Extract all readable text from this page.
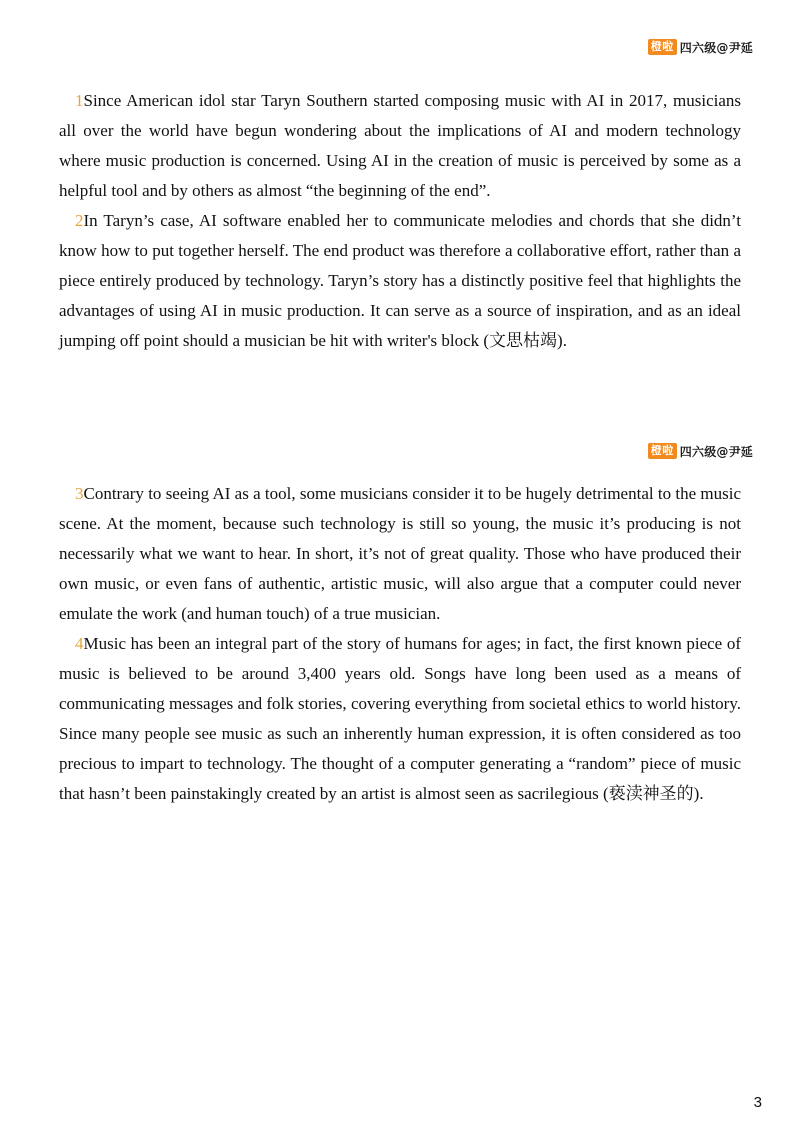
橙啦 四六级@尹延

1Since American idol star Taryn Southern started composing music with AI in 2017, musicians all over the world have begun wondering about the implications of AI and modern technology where music production is concerned. Using AI in the creation of music is perceived by some as a helpful tool and by others as almost “the beginning of the end”.

2In Taryn’s case, AI software enabled her to communicate melodies and chords that she didn’t know how to put together herself. The end product was therefore a collaborative effort, rather than a piece entirely produced by technology. Taryn’s story has a distinctly positive feel that highlights the advantages of using AI in music production. It can serve as a source of inspiration, and as an ideal jumping off point should a musician be hit with writer's block (文思枯竭).

橙啦 四六级@尹延

3Contrary to seeing AI as a tool, some musicians consider it to be hugely detrimental to the music scene. At the moment, because such technology is still so young, the music it’s producing is not necessarily what we want to hear. In short, it’s not of great quality. Those who have produced their own music, or even fans of authentic, artistic music, will also argue that a computer could never emulate the work (and human touch) of a true musician.

4Music has been an integral part of the story of humans for ages; in fact, the first known piece of music is believed to be around 3,400 years old. Songs have long been used as a means of communicating messages and folk stories, covering everything from societal ethics to world history. Since many people see music as such an inherently human expression, it is often considered as too precious to impart to technology. The thought of a computer generating a “random” piece of music that hasn’t been painstakingly created by an artist is almost seen as sacrilegious (亵渎神圣的).

3
